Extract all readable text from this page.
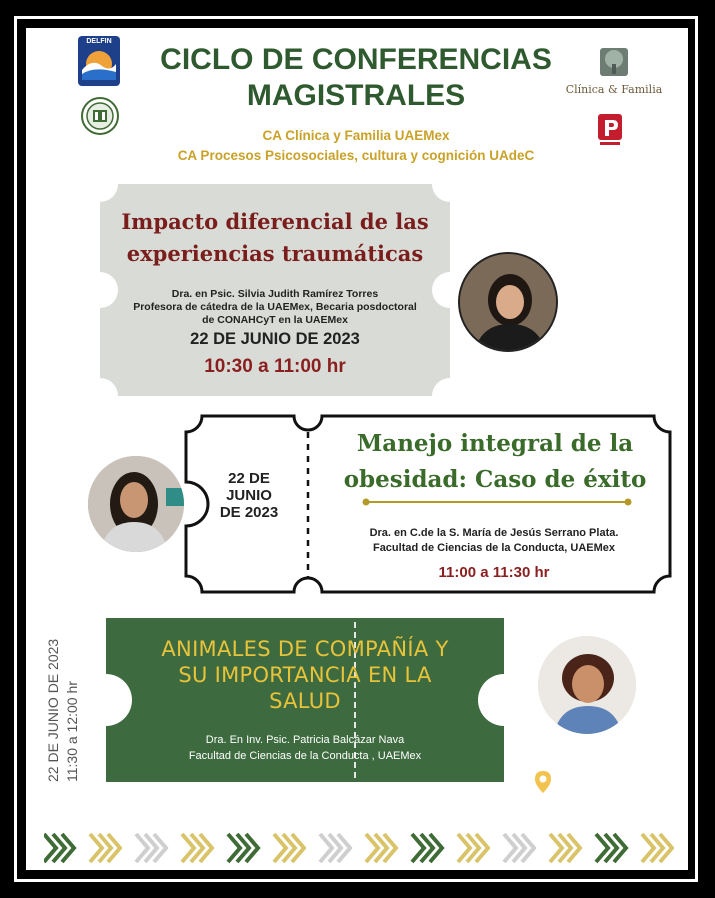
DELFIN
CICLO DE CONFERENCIAS
MAGISTRALES
CA Clínica y Familia UAEMex
CA Procesos Psicosociales, cultura y cognición UAdeC
Clínica & Familia
Impacto diferencial de las
experiencias traumáticas
Dra. en Psic. Silvia Judith Ramírez Torres
Profesora de cátedra de la UAEMex, Becaria posdoctoral
de CONAHCyT en la UAEMex
22 DE JUNIO DE 2023
10:30 a 11:00 hr
22 DE
JUNIO
DE 2023
Manejo integral de la
obesidad: Caso de éxito
Dra. en C.de la S. María de Jesús Serrano Plata.
Facultad de Ciencias de la Conducta, UAEMex
11:00 a 11:30 hr
22 DE JUNIO DE 2023 11:30 a 12:00 hr
ANIMALES DE COMPAÑÍA Y
SU IMPORTANCIA EN LA
SALUD
Dra. En Inv. Psic. Patricia Balcázar Nava
Facultad de Ciencias de la Conducta , UAEMex
